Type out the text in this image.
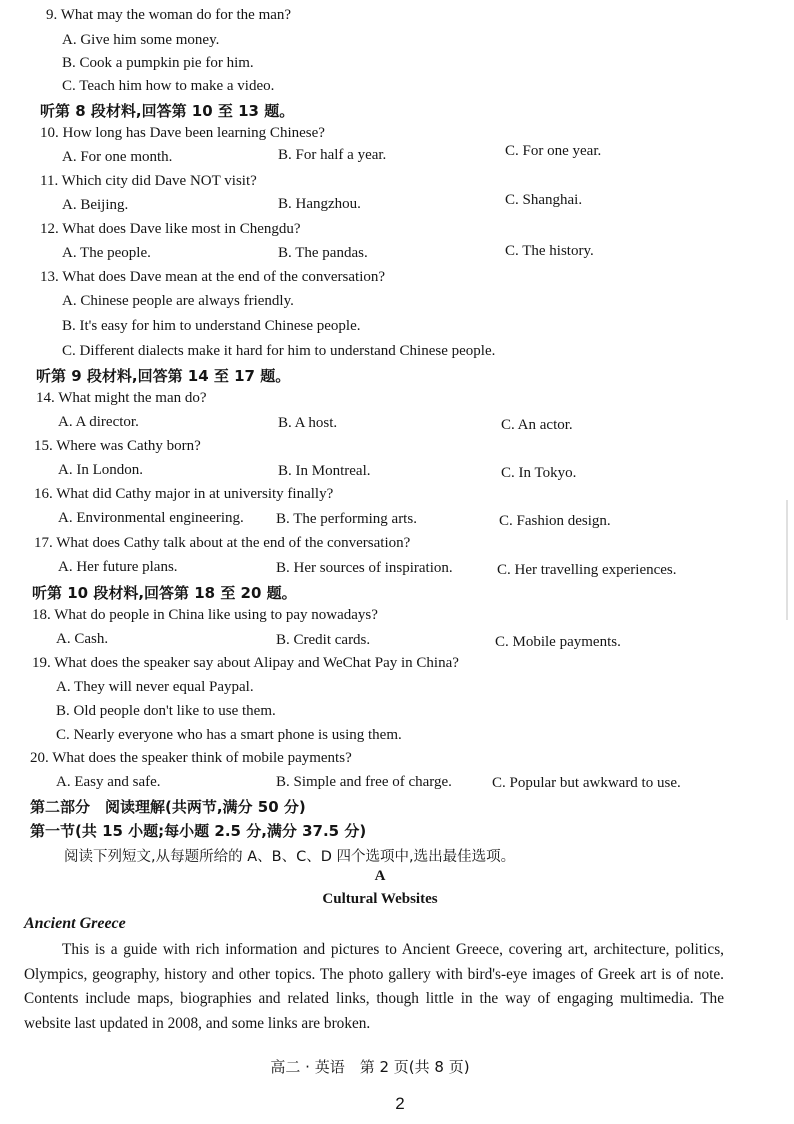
9. What may the woman do for the man?
A. Give him some money.
B. Cook a pumpkin pie for him.
C. Teach him how to make a video.
听第 8 段材料,回答第 10 至 13 题。
10. How long has Dave been learning Chinese?
A. For one month.	B. For half a year.	C. For one year.
11. Which city did Dave NOT visit?
A. Beijing.	B. Hangzhou.	C. Shanghai.
12. What does Dave like most in Chengdu?
A. The people.	B. The pandas.	C. The history.
13. What does Dave mean at the end of the conversation?
A. Chinese people are always friendly.
B. It's easy for him to understand Chinese people.
C. Different dialects make it hard for him to understand Chinese people.
听第 9 段材料,回答第 14 至 17 题。
14. What might the man do?
A. A director.	B. A host.	C. An actor.
15. Where was Cathy born?
A. In London.	B. In Montreal.	C. In Tokyo.
16. What did Cathy major in at university finally?
A. Environmental engineering. B. The performing arts.	C. Fashion design.
17. What does Cathy talk about at the end of the conversation?
A. Her future plans.	B. Her sources of inspiration.	C. Her travelling experiences.
听第 10 段材料,回答第 18 至 20 题。
18. What do people in China like using to pay nowadays?
A. Cash.	B. Credit cards.	C. Mobile payments.
19. What does the speaker say about Alipay and WeChat Pay in China?
A. They will never equal Paypal.
B. Old people don't like to use them.
C. Nearly everyone who has a smart phone is using them.
20. What does the speaker think of mobile payments?
A. Easy and safe.	B. Simple and free of charge.	C. Popular but awkward to use.
第二部分　阅读理解(共两节,满分 50 分)
第一节(共 15 小题;每小题 2.5 分,满分 37.5 分)
阅读下列短文,从每题所给的 A、B、C、D 四个选项中,选出最佳选项。
A
Cultural Websites
Ancient Greece
This is a guide with rich information and pictures to Ancient Greece, covering art, architecture, politics, Olympics, geography, history and other topics. The photo gallery with bird's-eye images of Greek art is of note. Contents include maps, biographies and related links, though little in the way of engaging multimedia. The website last updated in 2008, and some links are broken.
高二 · 英语　第 2 页(共 8 页)
2
